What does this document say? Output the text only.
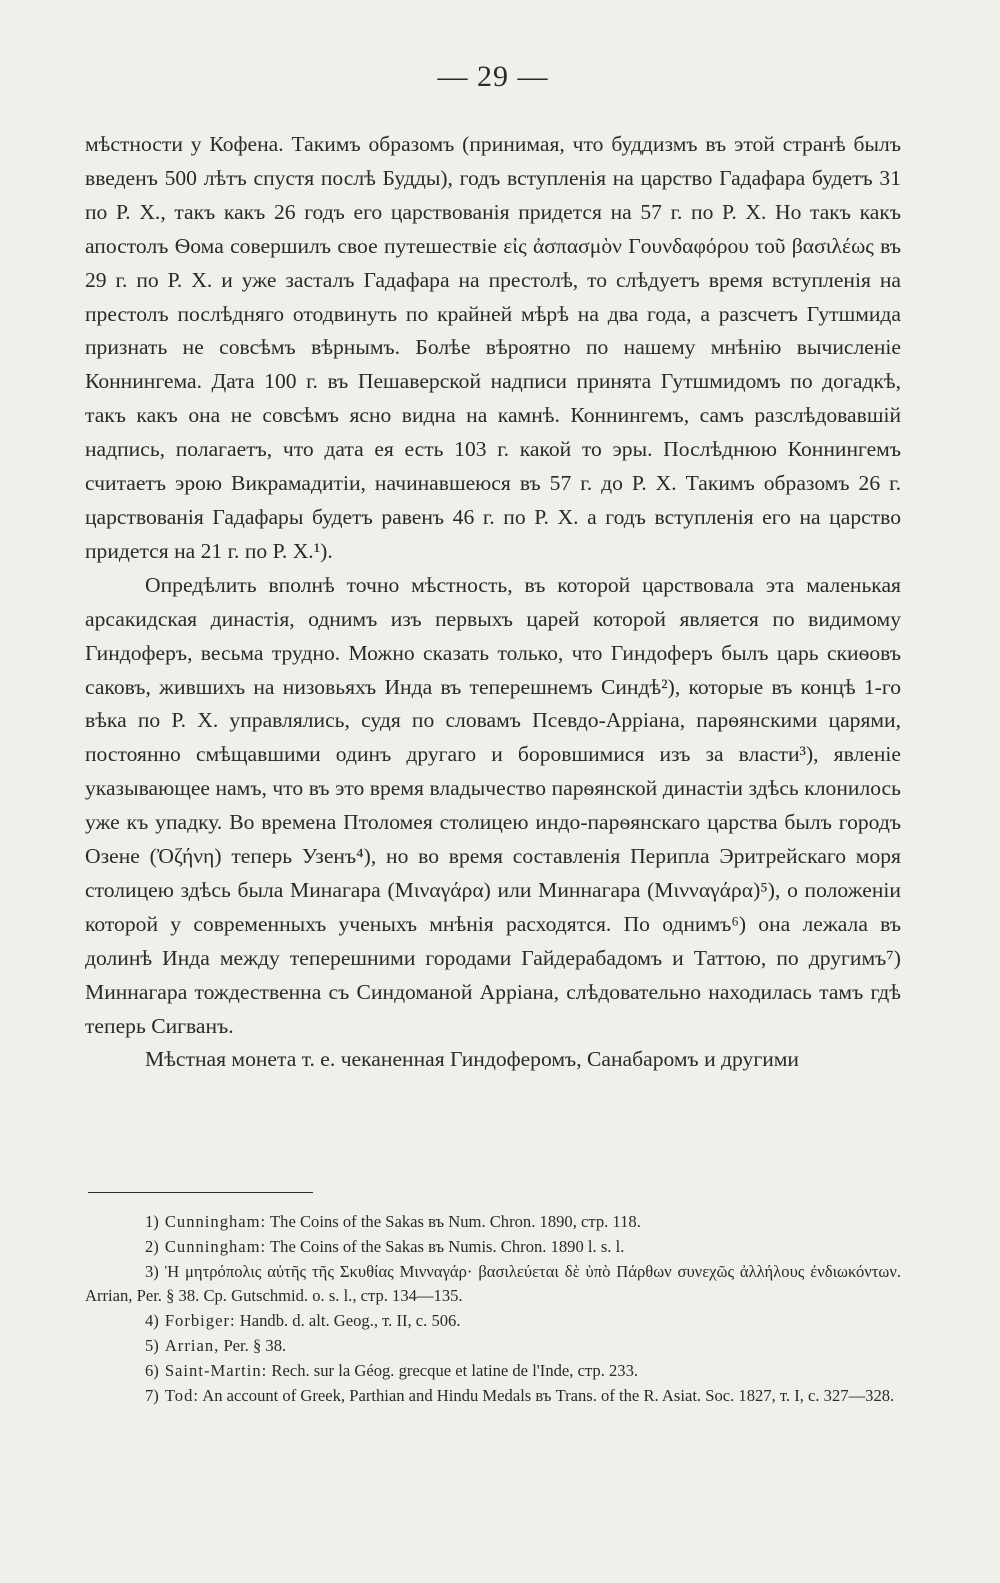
— 29 —

мѣстности у Кофена. Такимъ образомъ (принимая, что буддизмъ въ этой странѣ былъ введенъ 500 лѣтъ спустя послѣ Будды), годъ вступленія на царство Гадафара будетъ 31 по Р. Х., такъ какъ 26 годъ его царствованія придется на 57 г. по Р. Х. Но такъ какъ апостолъ Ѳома совершилъ свое путешествіе εἰς ἀσπασμὸν Γουνδαφόρου τοῦ βασιλέως въ 29 г. по Р. Х. и уже засталъ Гадафара на престолѣ, то слѣдуетъ время вступленія на престолъ послѣдняго отодвинуть по крайней мѣрѣ на два года, а разсчетъ Гутшмида признать не совсѣмъ вѣрнымъ. Болѣе вѣроятно по нашему мнѣнію вычисленіе Коннингема. Дата 100 г. въ Пешаверской надписи принята Гутшмидомъ по догадкѣ, такъ какъ она не совсѣмъ ясно видна на камнѣ. Коннингемъ, самъ разслѣдовавшій надпись, полагаетъ, что дата ея есть 103 г. какой то эры. Послѣднюю Коннингемъ считаетъ эрою Викрамадитіи, начинавшеюся въ 57 г. до Р. Х. Такимъ образомъ 26 г. царствованія Гадафары будетъ равенъ 46 г. по Р. Х. а годъ вступленія его на царство придется на 21 г. по Р. Х.¹).

Опредѣлить вполнѣ точно мѣстность, въ которой царствовала эта маленькая арсакидская династія, однимъ изъ первыхъ царей которой является по видимому Гиндоферъ, весьма трудно. Можно сказать только, что Гиндоферъ былъ царь скиѳовъ саковъ, жившихъ на низовьяхъ Инда въ теперешнемъ Синдѣ²), которые въ концѣ 1-го вѣка по Р. Х. управлялись, судя по словамъ Псевдо-Арріана, парѳянскими царями, постоянно смѣщавшими одинъ другаго и боровшимися изъ за власти³), явленіе указывающее намъ, что въ это время владычество парѳянской династіи здѣсь клонилось уже къ упадку. Во времена Птоломея столицею индо-парѳянскаго царства былъ городъ Озене (Ὀζήνη) теперь Узенъ⁴), но во время составленія Перипла Эритрейскаго моря столицею здѣсь была Минагара (Μιναγάρα) или Миннагара (Μινναγάρα)⁵), о положеніи которой у современныхъ ученыхъ мнѣнія расходятся. По однимъ⁶) она лежала въ долинѣ Инда между теперешними городами Гайдерабадомъ и Таттою, по другимъ⁷) Миннагара тождественна съ Синдоманой Арріана, слѣдовательно находилась тамъ гдѣ теперь Сигванъ.

Мѣстная монета т. е. чеканенная Гиндоферомъ, Санабаромъ и другими

1) Cunningham: The Coins of the Sakas въ Num. Chron. 1890, стр. 118.

2) Cunningham: The Coins of the Sakas въ Numis. Chron. 1890 l. s. l.

3) Ἡ μητρόπολις αὐτῆς τῆς Σκυθίας Μινναγάρ· βασιλεύεται δὲ ὑπὸ Πάρθων συνεχῶς ἀλλήλους ἐνδιωκόντων. Arrian, Per. § 38. Cp. Gutschmid. o. s. l., стр. 134—135.

4) Forbiger: Handb. d. alt. Geog., т. II, с. 506.

5) Arrian, Per. § 38.

6) Saint-Martin: Rech. sur la Géog. grecque et latine de l'Inde, стр. 233.

7) Tod: An account of Greek, Parthian and Hindu Medals въ Trans. of the R. Asiat. Soc. 1827, т. I, с. 327—328.
